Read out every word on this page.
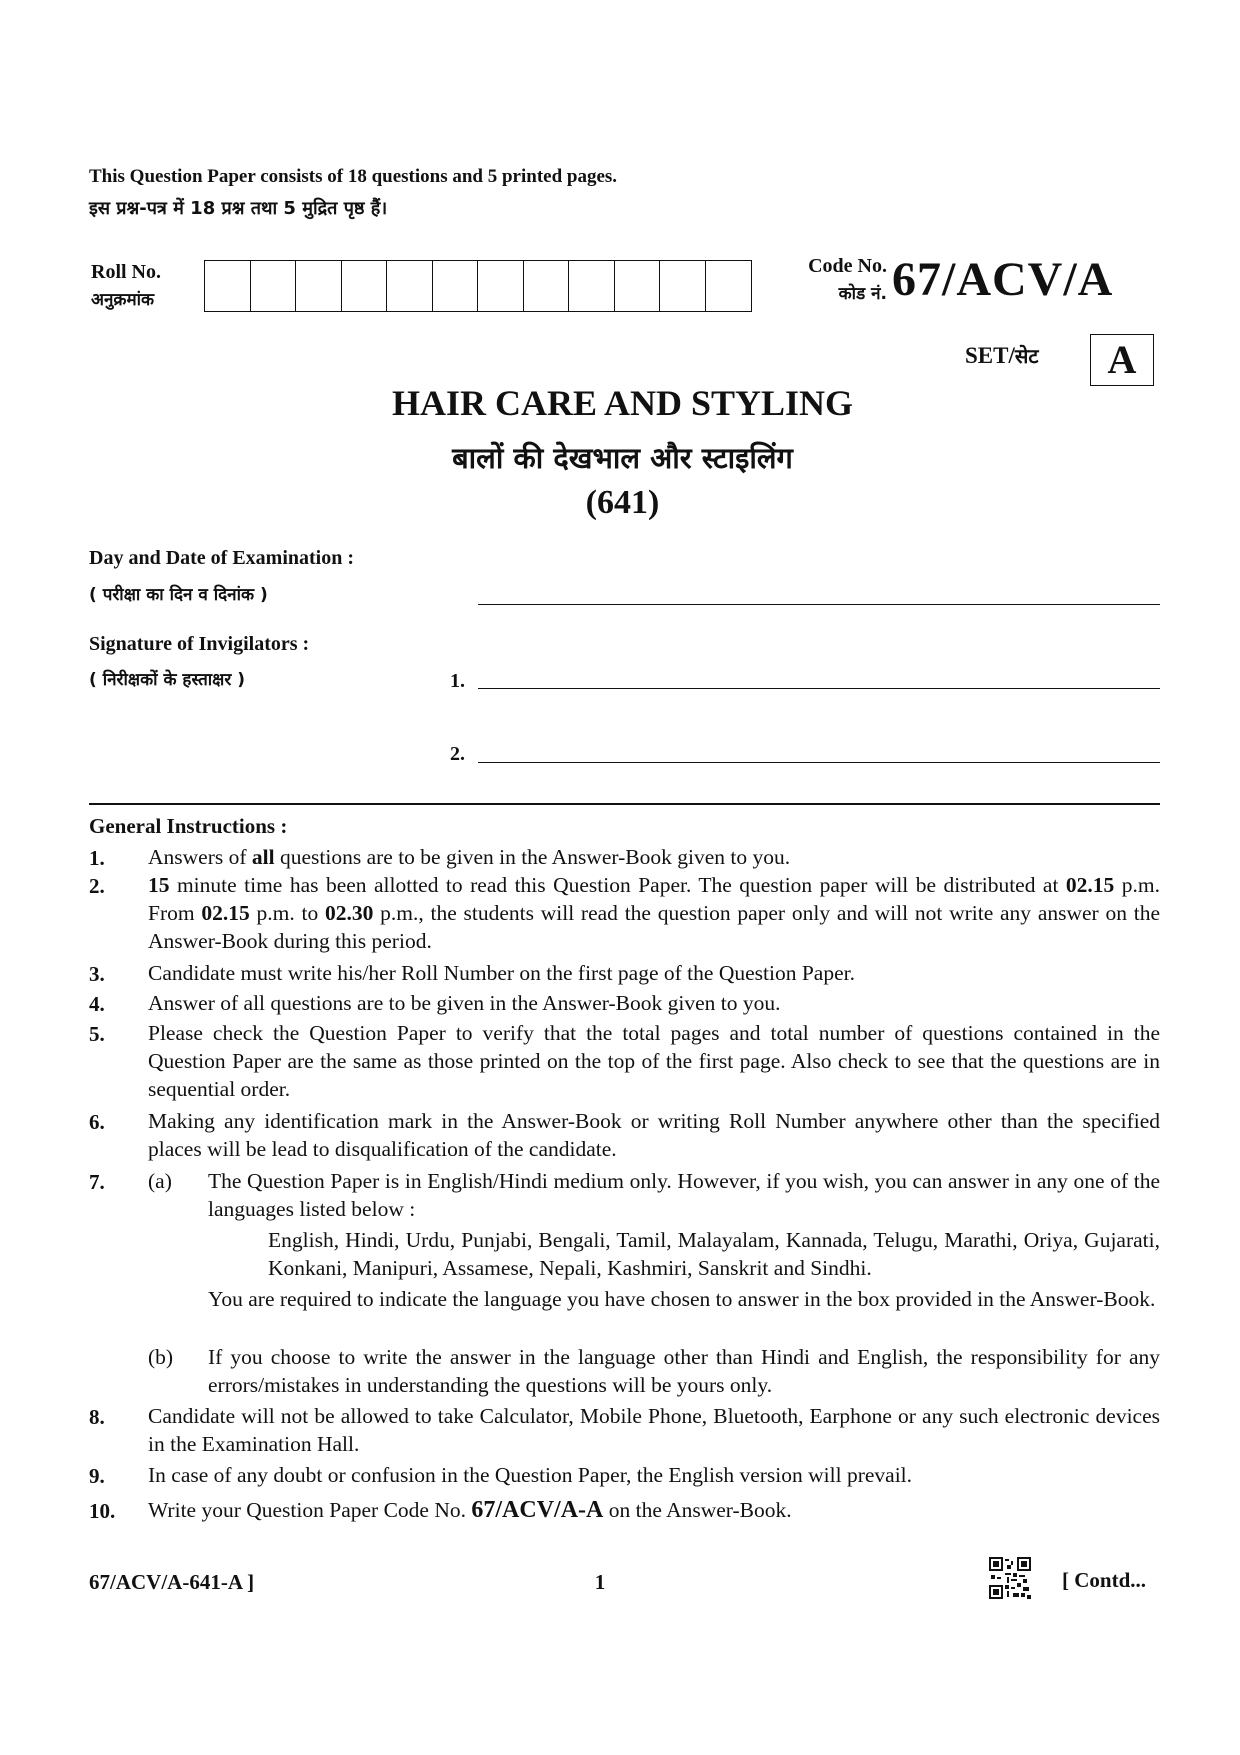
This Question Paper consists of 18 questions and 5 printed pages.
इस प्रश्न-पत्र में 18 प्रश्न तथा 5 मुद्रित पृष्ठ हैं।
Roll No.
अनुक्रमांक
Code No.
कोड नं. 67/ACV/A
SET/सेट	A
HAIR CARE AND STYLING
बालों की देखभाल और स्टाइलिंग
(641)
Day and Date of Examination :
( परीक्षा का दिन व दिनांक )
Signature of Invigilators :
( निरीक्षकों के हस्ताक्षर )	1.
2.
General Instructions :
1. Answers of all questions are to be given in the Answer-Book given to you.
2. 15 minute time has been allotted to read this Question Paper. The question paper will be distributed at 02.15 p.m. From 02.15 p.m. to 02.30 p.m., the students will read the question paper only and will not write any answer on the Answer-Book during this period.
3. Candidate must write his/her Roll Number on the first page of the Question Paper.
4. Answer of all questions are to be given in the Answer-Book given to you.
5. Please check the Question Paper to verify that the total pages and total number of questions contained in the Question Paper are the same as those printed on the top of the first page. Also check to see that the questions are in sequential order.
6. Making any identification mark in the Answer-Book or writing Roll Number anywhere other than the specified places will be lead to disqualification of the candidate.
7. (a) The Question Paper is in English/Hindi medium only. However, if you wish, you can answer in any one of the languages listed below :
English, Hindi, Urdu, Punjabi, Bengali, Tamil, Malayalam, Kannada, Telugu, Marathi, Oriya, Gujarati, Konkani, Manipuri, Assamese, Nepali, Kashmiri, Sanskrit and Sindhi.
You are required to indicate the language you have chosen to answer in the box provided in the Answer-Book.
(b) If you choose to write the answer in the language other than Hindi and English, the responsibility for any errors/mistakes in understanding the questions will be yours only.
8. Candidate will not be allowed to take Calculator, Mobile Phone, Bluetooth, Earphone or any such electronic devices in the Examination Hall.
9. In case of any doubt or confusion in the Question Paper, the English version will prevail.
10. Write your Question Paper Code No. 67/ACV/A-A on the Answer-Book.
67/ACV/A-641-A ]	1	[ Contd...
